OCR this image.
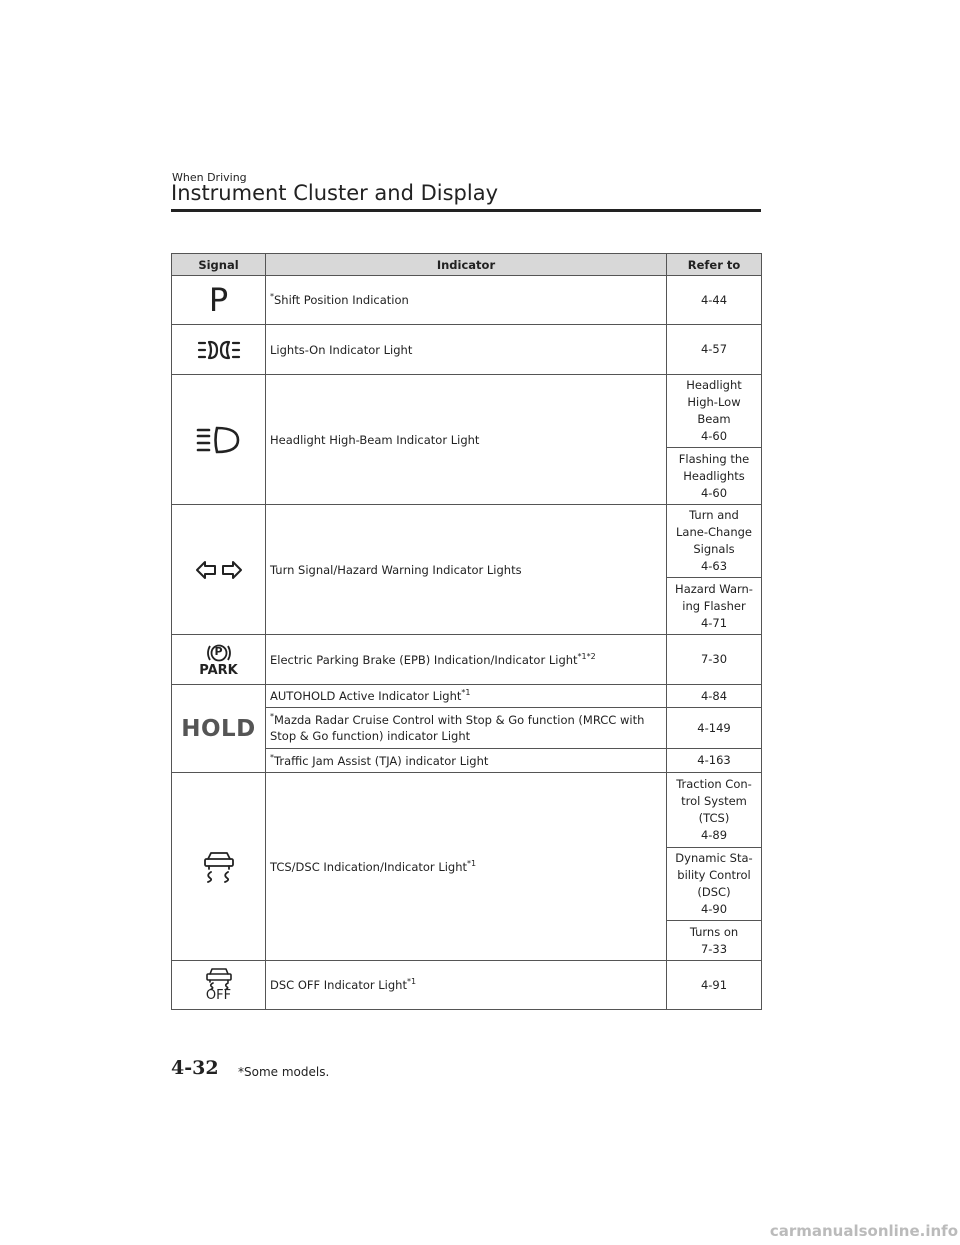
When Driving
Instrument Cluster and Display
Signal	Indicator	Refer to

P	*Shift Position Indication	4-44

	Lights-On Indicator Light	4-57

	Headlight High-Beam Indicator Light	Headlight
High-Low
Beam
4-60

		Flashing the
Headlights
4-60

	Turn Signal/Hazard Warning Indicator Lights	Turn and
Lane-Change
Signals
4-63

		Hazard Warn-
ing Flasher
4-71

P
PARK	Electric Parking Brake (EPB) Indication/Indicator Light$^{*1*2}$	7-30

HOLD	AUTOHOLD Active Indicator Light$^{*1}$	4-84
	*Mazda Radar Cruise Control with Stop & Go function (MRCC with Stop & Go function) indicator Light	4-149
	*Traffic Jam Assist (TJA) indicator Light	4-163

	TCS/DSC Indication/Indicator Light$^{*1}$	Traction Con-
trol System
(TCS)
4-89

		Dynamic Sta-
bility Control
(DSC)
4-90

		Turns on
7-33

OFF	DSC OFF Indicator Light$^{*1}$	4-91
4-32 *Some models.
carmanualsonline.info
